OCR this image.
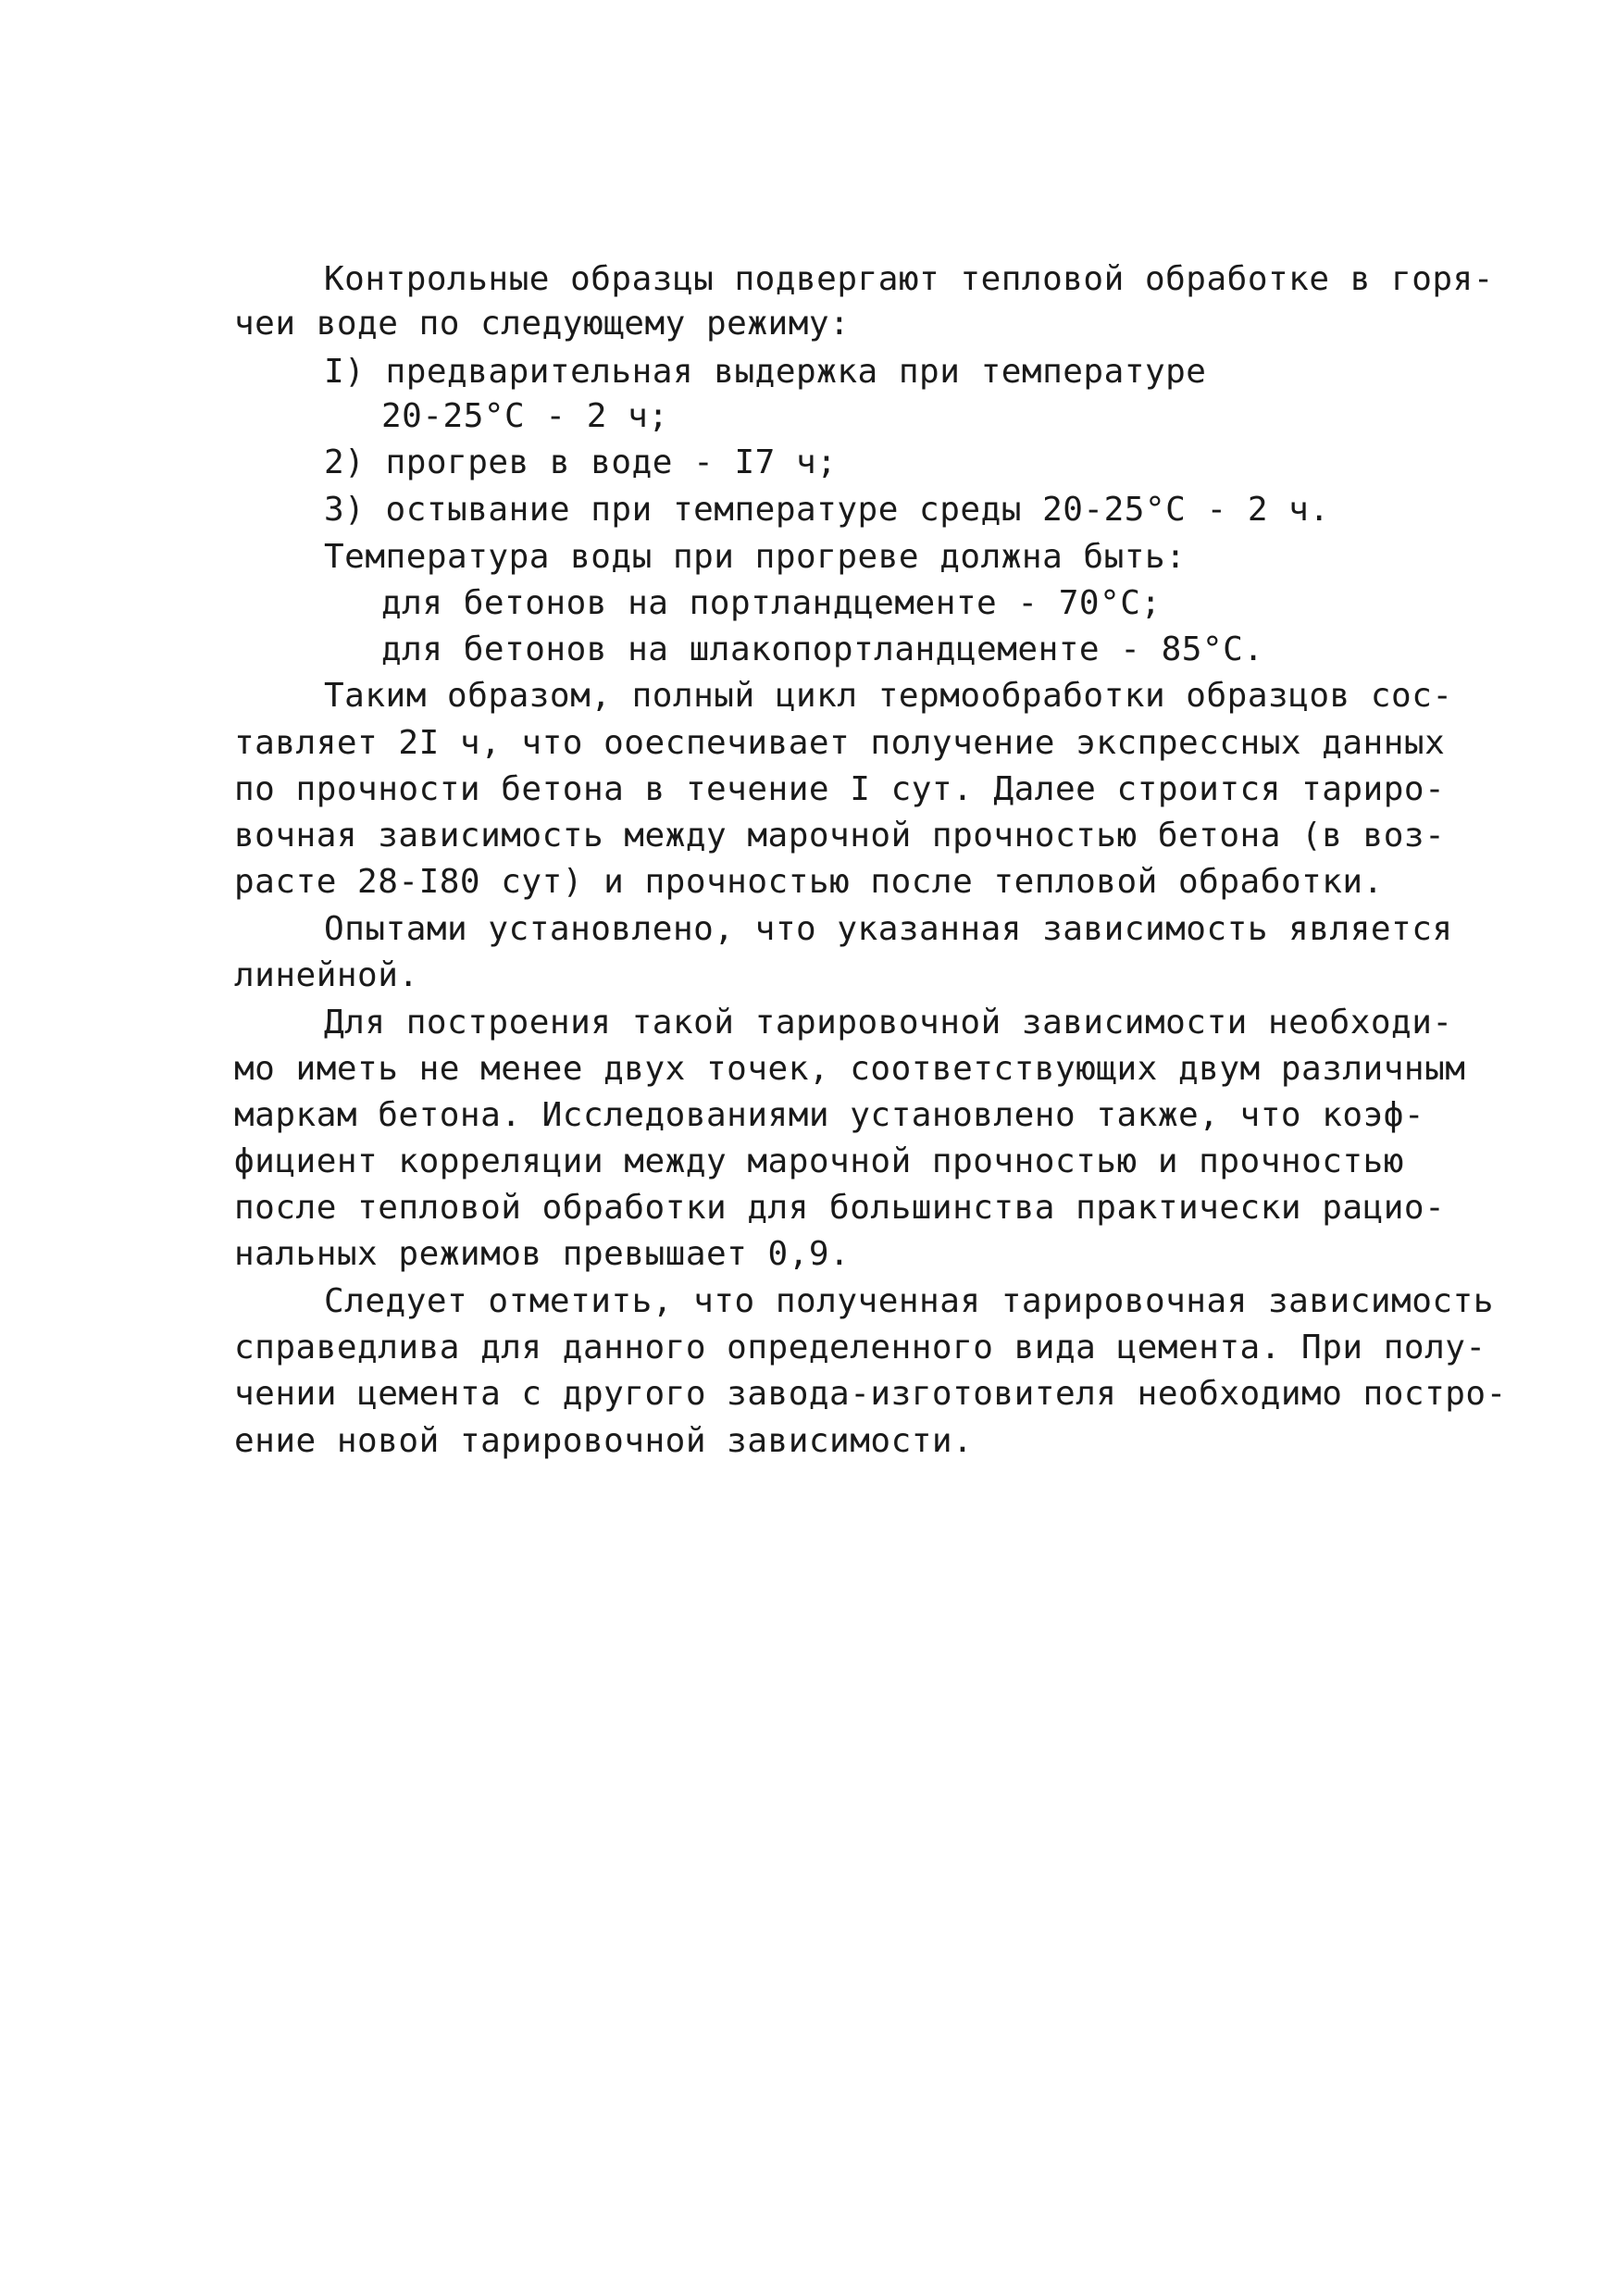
Контрольные образцы подвергают тепловой обработке в горя-
чеи воде по следующему режиму:
I) предварительная выдержка при температуре
20-25°С - 2 ч;
2) прогрев в воде - I7 ч;
3) остывание при температуре среды 20-25°С - 2 ч.
Температура воды при прогреве должна быть:
для бетонов на портландцементе - 70°С;
для бетонов на шлакопортландцементе - 85°С.
Таким образом, полный цикл термообработки образцов сос-
тавляет 2I ч, что ооеспечивает получение экспрессных данных
по прочности бетона в течение I сут. Далее строится тариро-
вочная зависимость между марочной прочностью бетона (в воз-
расте 28-I80 сут) и прочностью после тепловой обработки.
Опытами установлено, что указанная зависимость является
линейной.
Для построения такой тарировочной зависимости необходи-
мо иметь не менее двух точек, соответствующих двум различным
маркам бетона. Исследованиями установлено также, что коэф-
фициент корреляции между марочной прочностью и прочностью
после тепловой обработки для большинства практически рацио-
нальных режимов превышает 0,9.
Следует отметить, что полученная тарировочная зависимость
справедлива для данного определенного вида цемента. При полу-
чении цемента с другого завода-изготовителя необходимо постро-
ение новой тарировочной зависимости.
